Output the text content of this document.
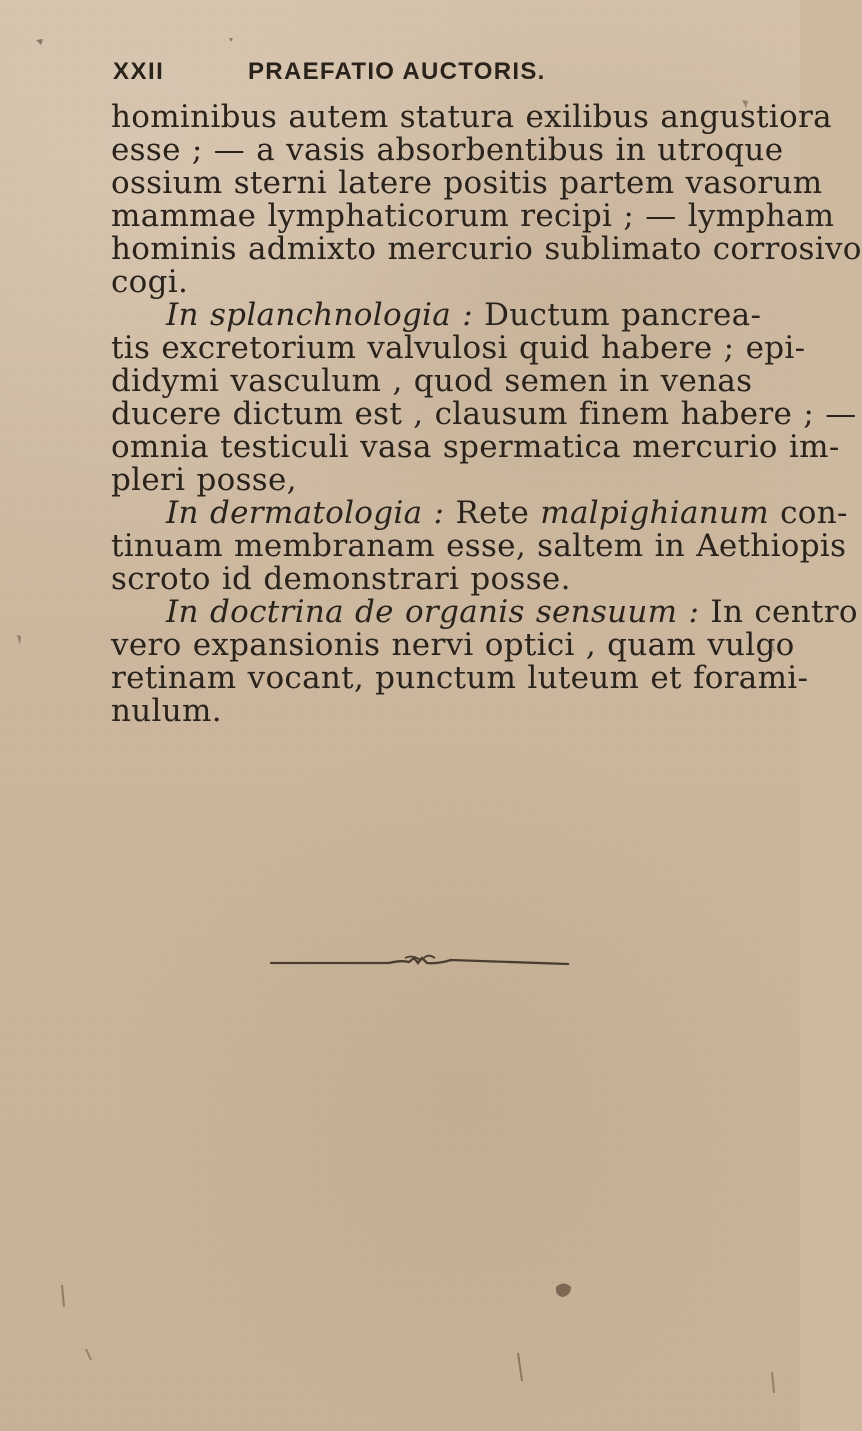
XXII	PRAEFATIO AUCTORIS.
hominibus autem statura exilibus angustiora
esse ; — a vasis absorbentibus in utroque
ossium sterni latere positis partem vasorum
mammae lymphaticorum recipi ; — lympham
hominis admixto mercurio sublimato corrosivo
cogi.
In splanchnologia : Ductum pancrea-
tis excretorium valvulosi quid habere ; epi-
didymi vasculum , quod semen in venas
ducere dictum est , clausum finem habere ; —
omnia testiculi vasa spermatica mercurio im-
pleri posse,
In dermatologia : Rete malpighianum con-
tinuam membranam esse, saltem in Aethiopis
scroto id demonstrari posse.
In doctrina de organis sensuum : In centro
vero expansionis nervi optici , quam vulgo
retinam vocant, punctum luteum et forami-
nulum.
